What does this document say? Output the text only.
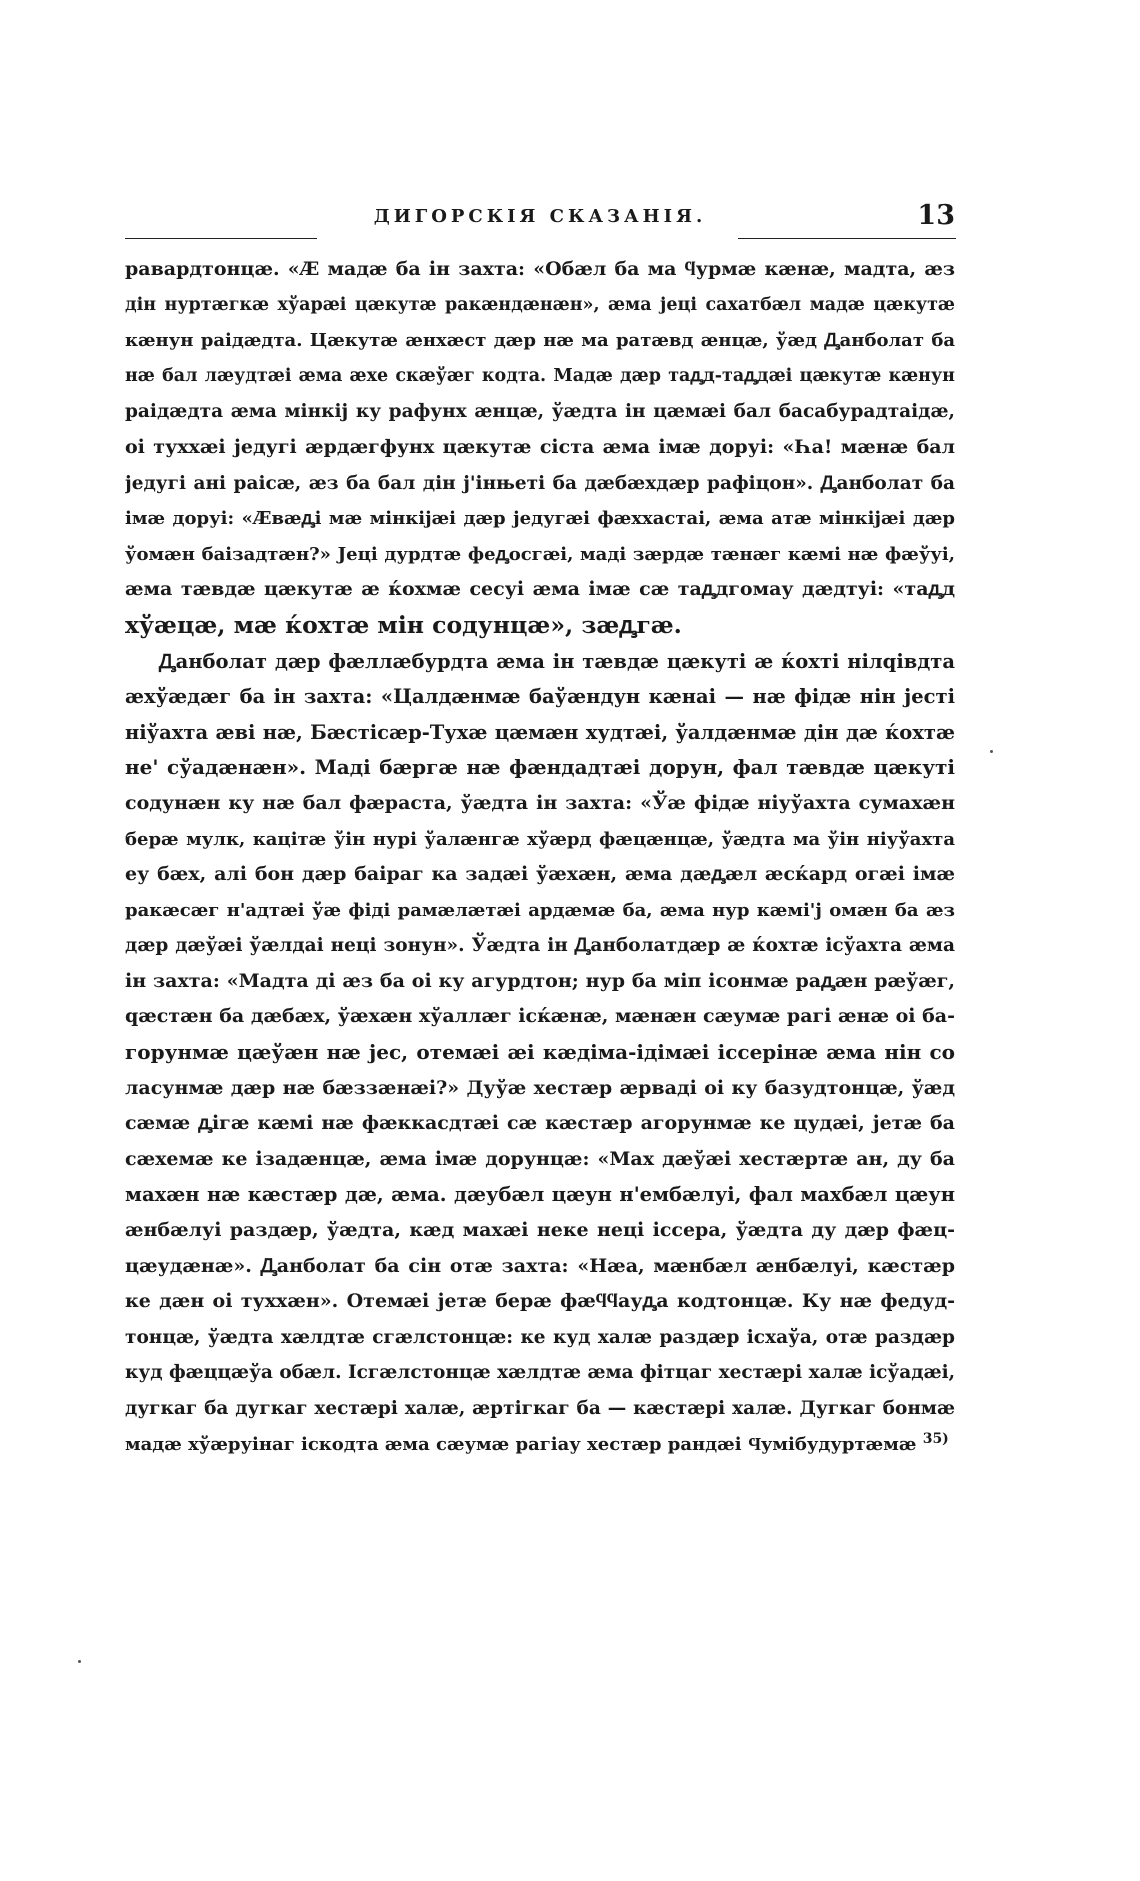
ДИГОРСКІЯ СКАЗАНІЯ.	13
равардтонцæ. «Æ мадæ ба ін захта: «Обæл ба ма ϥурмæ кæнæ, мадта, æз
дін нуртæгкæ хўарæі цæкутæ ракæндæнæн», æма jеці сахатбæл мадæ цæкутæ
кæнун раідæдта. Цæкутæ æнхæст дæр нæ ма ратæвд æнцæ, ўæд Ꚉанболат ба
нæ бал лæудтæі æма æхе скæўæг кодта. Мадæ дæр таꚉд-таꚉдæі цæкутæ кæнун
раідæдта æма мінкіj ку рафунх æнцæ, ўæдта ін цæмæі бал басабурадтаідæ,
оі туххæі jедугі æрдæгфунх цæкутæ сіста æма імæ доруі: «Һа! мæнæ бал
jедугі ані раісæ, æз ба бал дін j'інњеті ба дæбæхдæр рафіцон». Ꚉанболат ба
імæ доруі: «Æвæꚉі мæ мінкіjæі дæр jедугæі фæххастаі, æма атæ мінкіjæі дæр
ўомæн баізадтæн?» Jеці дурдтæ феꚉосгæі, маді зæрдæ тæнæг кæмі нæ фæўуі,
æма тæвдæ цæкутæ æ ќохмæ сесуі æма імæ сæ таꚉдгомау дæдтуі: «таꚉд
хўæцæ, мæ ќохтæ мін содунцæ», зæꚉгæ.
Ꚉанболат дæр фæллæбурдта æма ін тæвдæ цæкуті æ ќохті нілqівдта
æхўæдæг ба ін захта: «Цалдæнмæ баўæндун кæнаі — нæ фідæ нін jесті
ніўахта æві нæ, Бæстісæр-Тухæ цæмæн худтæі, ўалдæнмæ дін дæ ќохтæ
не' сўадæнæн». Маді бæргæ нæ фæндадтæі дорун, фал тæвдæ цæкуті
содунæн ку нæ бал фæраста, ўæдта ін захта: «Ўæ фідæ ніуўахта сумахæн
берæ мулк, кацітæ ўін нурі ўалæнгæ хўæрд фæцæнцæ, ўæдта ма ўін ніуўахта
еу бæх, алі бон дæр баіраг ка задæі ўæхæн, æма дæꚉæл æсќард огæі імæ
ракæсæг н'адтæі ўæ фіді рамæлæтæі ардæмæ ба, æма нур кæмі'j омæн ба æз
дæр дæўæі ўæлдаі неці зонун». Ўæдта ін Ꚉанболатдæр æ ќохтæ ісўахта æма
ін захта: «Мадта ді æз ба оі ку агурдтон; нур ба міп ісонмæ раꚉæн рæўæг,
qæстæн ба дæбæх, ўæхæн хўаллæг ісќæнæ, мæнæн сæумæ рагі æнæ оі ба-
горунмæ цæўæн нæ jес, отемæі æі кæдіма-ідімæі іссерінæ æма нін со
ласунмæ дæр нæ бæззæнæі?» Дуўæ хестæр æрваді оі ку базудтонцæ, ўæд
сæмæ ꚉігæ кæмі нæ фæккасдтæі сæ кæстæр агорунмæ ке цудæі, jетæ ба
сæхемæ ке ізадæнцæ, æма імæ дорунцæ: «Мах дæўæі хестæртæ ан, ду ба
махæн нæ кæстæр дæ, æма. дæубæл цæун н'ембæлуі, фал махбæл цæун
æнбæлуі раздæр, ўæдта, кæд махæі неке неці іссера, ўæдта ду дæр фæц-
цæудæнæ». Ꚉанболат ба сін отæ захта: «Нæа, мæнбæл æнбæлуі, кæстæр
ке дæн оі туххæн». Отемæі jетæ берæ фæϥϥауꚉа кодтонцæ. Ку нæ федуд-
тонцæ, ўæдта хæлдтæ сгæлстонцæ: ке куд халæ раздæр ісхаўа, отæ раздæр
куд фæццæўа обæл. Ісгæлстонцæ хæлдтæ æма фітцаг хестæрі халæ ісўадæі,
дугкаг ба дугкаг хестæрі халæ, æртігкаг ба — кæстæрі халæ. Дугкаг бонмæ
мадæ хўæруінаг іскодта æма сæумæ рагіау хестæр рандæі Ϥумібудуртæмæ $^{35)}$
